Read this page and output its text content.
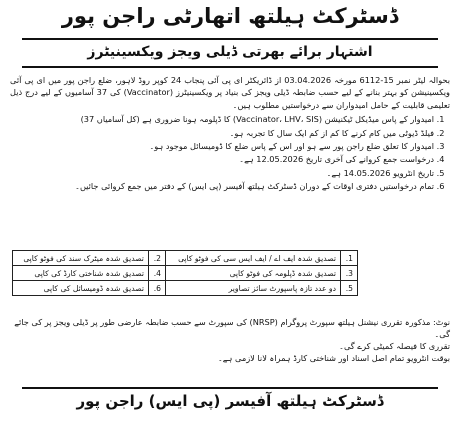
ڈسٹرکٹ ہیلتھ اتھارٹی راجن پور
اشتہار برائے بھرتی ڈیلی ویجز ویکسینیٹرز

بحوالہ لیٹر نمبر 15-6112 مورخہ 03.04.2026 از ڈائریکٹر ای پی آئی پنجاب 24 کوپر روڈ لاہور، ضلع راجن پور میں ای پی آئی ویکسینیشن کو بہتر بنانے کے لیے حسب ضابطہ ڈیلی ویجز کی بنیاد پر ویکسینیٹرز (Vaccinator) کی 37 آسامیوں کے لیے درج ذیل تعلیمی قابلیت کے حامل امیدواران سے درخواستیں مطلوب ہیں۔

1. امیدوار کے پاس میڈیکل ٹیکنیشن (Vaccinator، LHV، SIS) کا ڈپلومہ ہونا ضروری ہے (کل آسامیاں 37)
2. فیلڈ ڈیوٹی میں کام کرنے کا کم از کم ایک سال کا تجربہ ہو۔
3. امیدوار کا تعلق ضلع راجن پور سے ہو اور اس کے پاس ضلع کا ڈومیسائل موجود ہو۔
4. درخواست جمع کروانے کی آخری تاریخ 12.05.2026 ہے۔
5. تاریخ انٹرویو 14.05.2026 ہے۔
6. تمام درخواستیں دفتری اوقات کے دوران ڈسٹرکٹ ہیلتھ آفیسر (پی ایس) کے دفتر میں جمع کروائی جائیں۔
1.	تصدیق شدہ ایف اے / ایف ایس سی کی فوٹو کاپی	2.	تصدیق شدہ میٹرک سند کی فوٹو کاپی
3.	تصدیق شدہ ڈپلومہ کی فوٹو کاپی	4.	تصدیق شدہ شناختی کارڈ کی کاپی
5.	دو عدد تازہ پاسپورٹ سائز تصاویر	6.	تصدیق شدہ ڈومیسائل کی کاپی

نوٹ: مذکورہ تقرری نیشنل ہیلتھ سپورٹ پروگرام (NRSP) کی سپورٹ سے حسب ضابطہ عارضی طور پر ڈیلی ویجز پر کی جائے گی۔

تقرری کا فیصلہ کمیٹی کرے گی۔

بوقت انٹرویو تمام اصل اسناد اور شناختی کارڈ ہمراہ لانا لازمی ہے۔

ڈسٹرکٹ ہیلتھ آفیسر (پی ایس) راجن پور
